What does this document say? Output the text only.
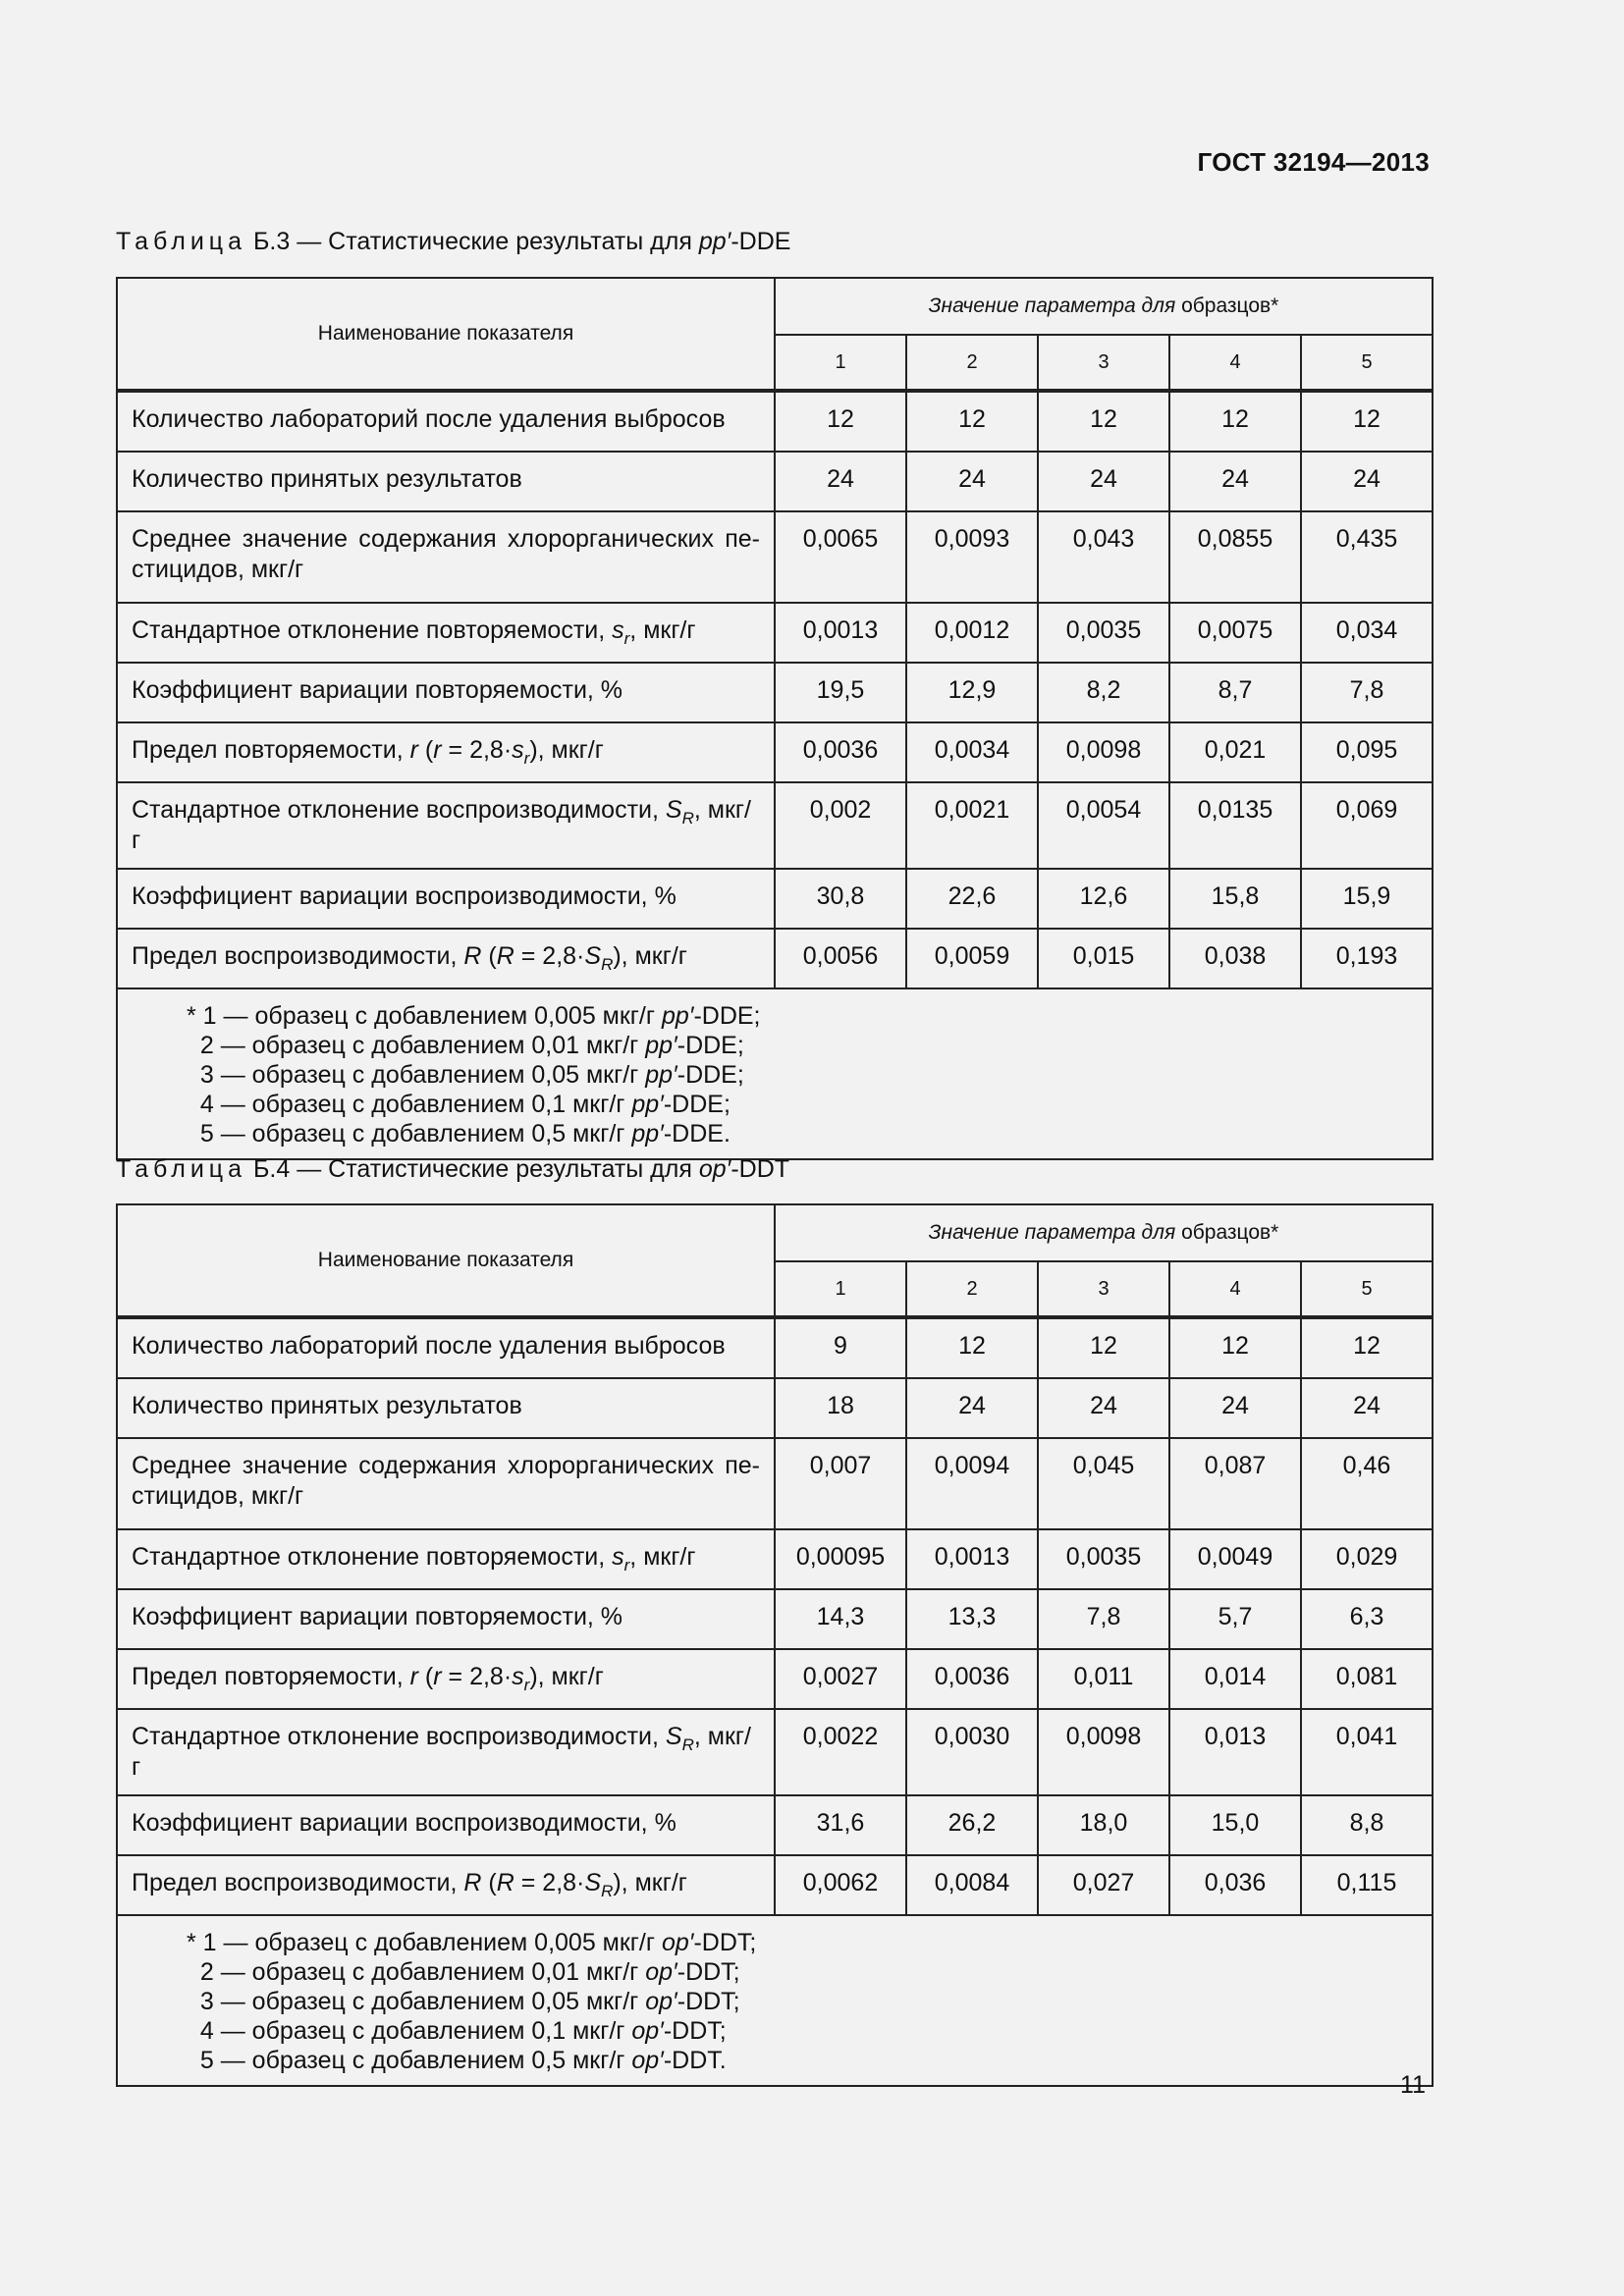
ГОСТ 32194—2013
Таблица Б.3 — Статистические результаты для pp′-DDE
Наименование показателя	Значение параметра для образцов*				
	1	2	3	4	5
Количество лабораторий после удаления выбросов	12	12	12	12	12
Количество принятых результатов	24	24	24	24	24
Среднее значение содержания хлорорганических пе-стицидов, мкг/г	0,0065	0,0093	0,043	0,0855	0,435
Стандартное отклонение повторяемости, $s_r$, мкг/г	0,0013	0,0012	0,0035	0,0075	0,034
Коэффициент вариации повторяемости, %	19,5	12,9	8,2	8,7	7,8
Предел повторяемости, r $(r = 2,8\cdot s_r)$, мкг/г	0,0036	0,0034	0,0098	0,021	0,095
Стандартное отклонение воспроизводимости, $S_R$, мкг/г	0,002	0,0021	0,0054	0,0135	0,069
Коэффициент вариации воспроизводимости, %	30,8	22,6	12,6	15,8	15,9
Предел воспроизводимости, R $(R = 2,8\cdot S_R)$, мкг/г	0,0056	0,0059	0,015	0,038	0,193

* 1 — образец с добавлением 0,005 мкг/г pp′-DDE;
2 — образец с добавлением 0,01 мкг/г pp′-DDE;
3 — образец с добавлением 0,05 мкг/г pp′-DDE;
4 — образец с добавлением 0,1 мкг/г pp′-DDE;
5 — образец с добавлением 0,5 мкг/г pp′-DDE.					
Таблица Б.4 — Статистические результаты для op′-DDT
Наименование показателя	Значение параметра для образцов*				
	1	2	3	4	5
Количество лабораторий после удаления выбросов	9	12	12	12	12
Количество принятых результатов	18	24	24	24	24
Среднее значение содержания хлорорганических пе-стицидов, мкг/г	0,007	0,0094	0,045	0,087	0,46
Стандартное отклонение повторяемости, $s_r$, мкг/г	0,00095	0,0013	0,0035	0,0049	0,029
Коэффициент вариации повторяемости, %	14,3	13,3	7,8	5,7	6,3
Предел повторяемости, r $(r = 2,8\cdot s_r)$, мкг/г	0,0027	0,0036	0,011	0,014	0,081
Стандартное отклонение воспроизводимости, $S_R$, мкг/г	0,0022	0,0030	0,0098	0,013	0,041
Коэффициент вариации воспроизводимости, %	31,6	26,2	18,0	15,0	8,8
Предел воспроизводимости, R $(R = 2,8\cdot S_R)$, мкг/г	0,0062	0,0084	0,027	0,036	0,115

* 1 — образец с добавлением 0,005 мкг/г op′-DDT;
2 — образец с добавлением 0,01 мкг/г op′-DDT;
3 — образец с добавлением 0,05 мкг/г op′-DDT;
4 — образец с добавлением 0,1 мкг/г op′-DDT;
5 — образец с добавлением 0,5 мкг/г op′-DDT.					
11
